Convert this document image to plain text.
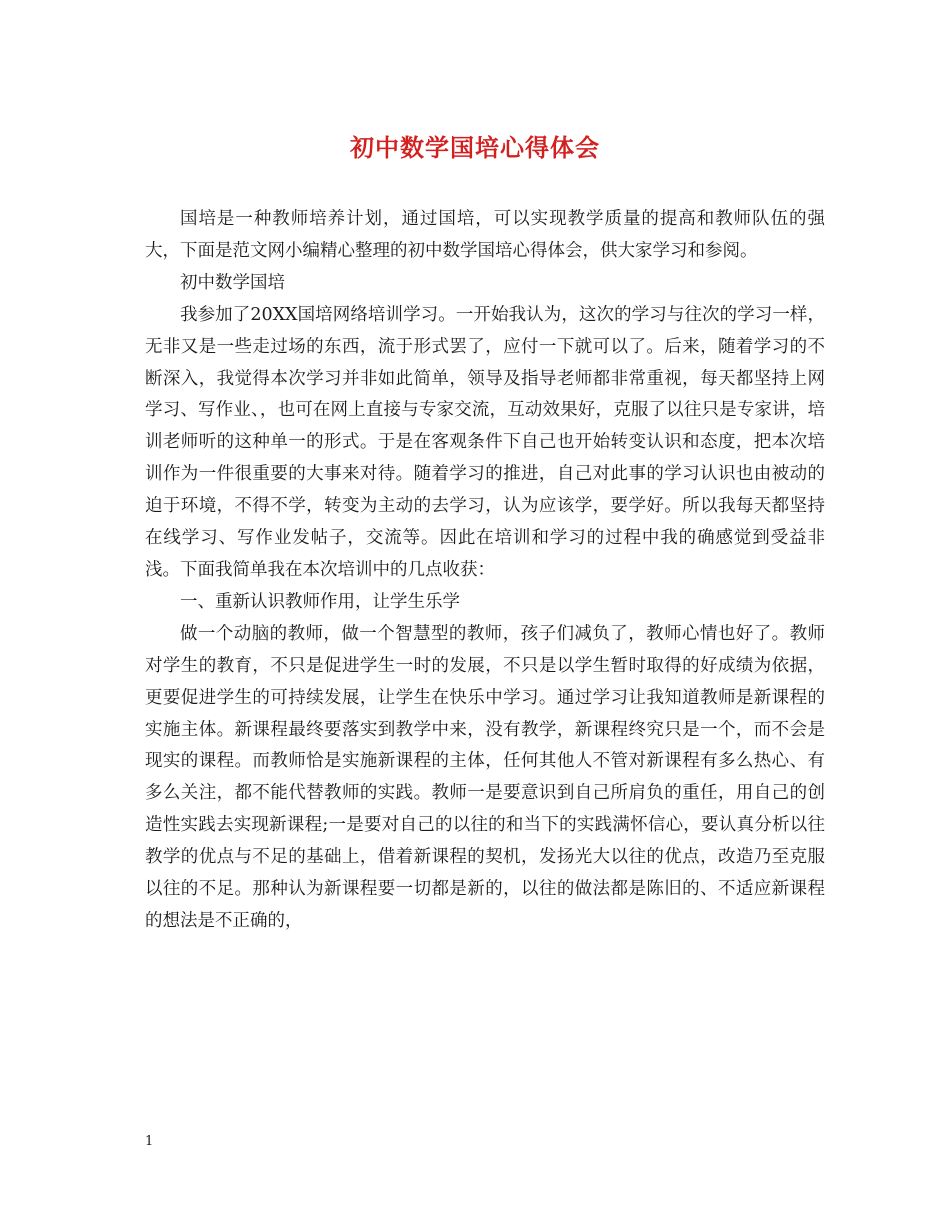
初中数学国培心得体会

国培是一种教师培养计划，通过国培，可以实现教学质量的提高和教师队伍的强大，下面是范文网小编精心整理的初中数学国培心得体会，供大家学习和参阅。

初中数学国培

我参加了20XX国培网络培训学习。一开始我认为，这次的学习与往次的学习一样，无非又是一些走过场的东西，流于形式罢了，应付一下就可以了。后来，随着学习的不断深入，我觉得本次学习并非如此简单，领导及指导老师都非常重视，每天都坚持上网学习、写作业、，也可在网上直接与专家交流，互动效果好，克服了以往只是专家讲，培训老师听的这种单一的形式。于是在客观条件下自己也开始转变认识和态度，把本次培训作为一件很重要的大事来对待。随着学习的推进，自己对此事的学习认识也由被动的迫于环境，不得不学，转变为主动的去学习，认为应该学，要学好。所以我每天都坚持在线学习、写作业发帖子，交流等。因此在培训和学习的过程中我的确感觉到受益非浅。下面我简单我在本次培训中的几点收获：

一、重新认识教师作用，让学生乐学

做一个动脑的教师，做一个智慧型的教师，孩子们减负了，教师心情也好了。教师对学生的教育，不只是促进学生一时的发展，不只是以学生暂时取得的好成绩为依据，更要促进学生的可持续发展，让学生在快乐中学习。通过学习让我知道教师是新课程的实施主体。新课程最终要落实到教学中来，没有教学，新课程终究只是一个，而不会是现实的课程。而教师恰是实施新课程的主体，任何其他人不管对新课程有多么热心、有多么关注，都不能代替教师的实践。教师一是要意识到自己所肩负的重任，用自己的创造性实践去实现新课程;一是要对自己的以往的和当下的实践满怀信心，要认真分析以往教学的优点与不足的基础上，借着新课程的契机，发扬光大以往的优点，改造乃至克服以往的不足。那种认为新课程要一切都是新的，以往的做法都是陈旧的、不适应新课程的想法是不正确的，

1
